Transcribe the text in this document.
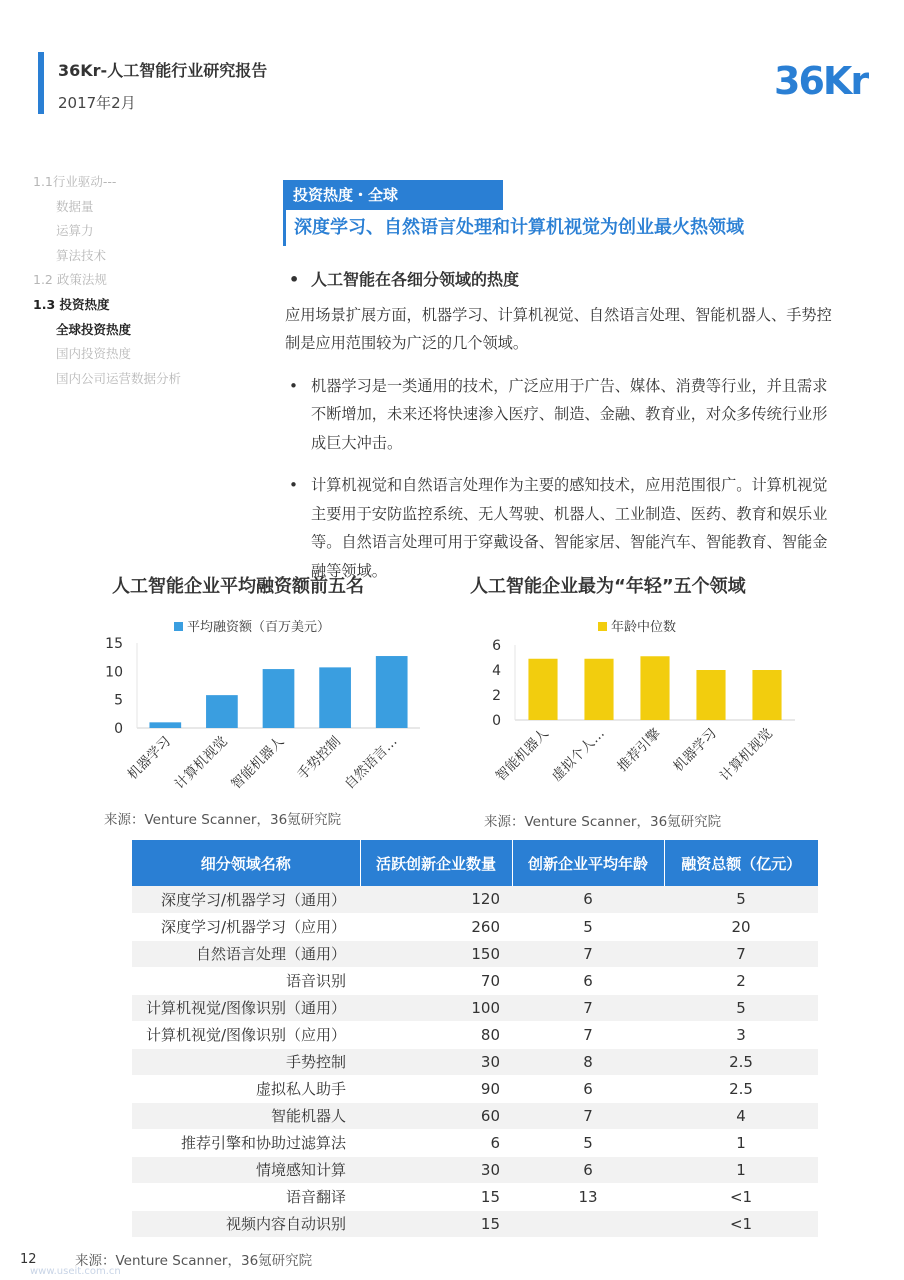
36Kr-人工智能行业研究报告
2017年2月	36Kr
1.1行业驱动---
数据量
运算力
算法技术
1.2 政策法规
1.3 投资热度
全球投资热度
国内投资热度
国内公司运营数据分析
投资热度・全球
深度学习、自然语言处理和计算机视觉为创业最火热领域
• 人工智能在各细分领域的热度
应用场景扩展方面，机器学习、计算机视觉、自然语言处理、智能机器人、手势控制是应用范围较为广泛的几个领域。
• 机器学习是一类通用的技术，广泛应用于广告、媒体、消费等行业，并且需求不断增加，未来还将快速渗入医疗、制造、金融、教育业，对众多传统行业形成巨大冲击。
• 计算机视觉和自然语言处理作为主要的感知技术，应用范围很广。计算机视觉主要用于安防监控系统、无人驾驶、机器人、工业制造、医药、教育和娱乐业等。自然语言处理可用于穿戴设备、智能家居、智能汽车、智能教育、智能金融等领域。
人工智能企业平均融资额前五名
平均融资额（百万美元）
0
5
10
15
机器学习
计算机视觉
智能机器人 手势控制
自然语言…
来源：Venture Scanner，36氪研究院
人工智能企业最为“年轻”五个领域
年龄中位数
0
2
4
6
智能机器人
虚拟个人… 推荐引擎 机器学习
计算机视觉
来源：Venture Scanner，36氪研究院
细分领域名称	活跃创新企业数量	创新企业平均年龄	融资总额（亿元）
深度学习/机器学习（通用）	120	6	5
深度学习/机器学习（应用）	260	5	20
自然语言处理（通用）	150	7	7
语音识别	70	6	2
计算机视觉/图像识别（通用）	100	7	5
计算机视觉/图像识别（应用）	80	7	3
手势控制	30	8	2.5
虚拟私人助手	90	6	2.5
智能机器人	60	7	4
推荐引擎和协助过滤算法	6	5	1
情境感知计算	30	6	1
语音翻译	15	13	<1
视频内容自动识别	15		<1
12	来源：Venture Scanner，36氪研究院
www.useit.com.cn
